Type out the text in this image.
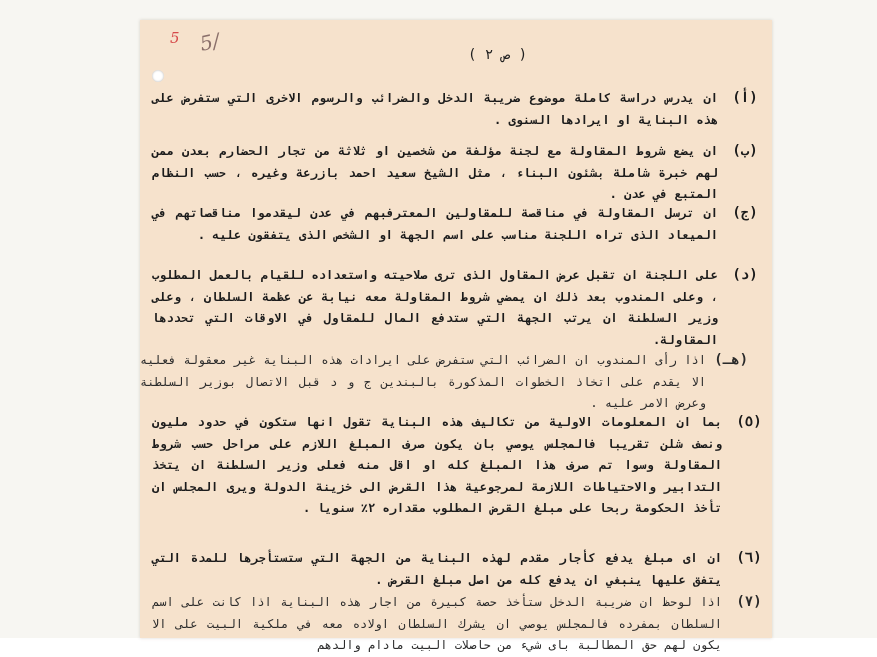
5 5/	( ص ٢ )
(أ)
ان يدرس دراسة كاملة موضوع ضريبة الدخل والضرائب والرسوم الاخرى التي ستفرض على هذه البناية او ايرادها السنوى .
(ب)
ان يضع شروط المقاولة مع لجنة مؤلفة من شخصين او ثلاثة من تجار الحضارم بعدن ممن لهم خبرة شاملة بشئون البناء ، مثل الشيخ سعيد احمد بازرعة وغيره ، حسب النظام المتبع في عدن .
(ج)
ان ترسل المقاولة في مناقصة للمقاولين المعترفبهم في عدن ليقدموا مناقصاتهم في الميعاد الذى تراه اللجنة مناسب على اسم الجهة او الشخص الذى يتفقون عليه .
(د)
على اللجنة ان تقبل عرض المقاول الذى ترى صلاحيته واستعداده للقيام بالعمل المطلوب ، وعلى المندوب بعد ذلك ان يمضي شروط المقاولة معه نيابة عن عظمة السلطان ، وعلى وزير السلطنة ان يرتب الجهة التي ستدفع المال للمقاول في الاوقات التي تحددها المقاولة.
(هـ)
اذا رأى المندوب ان الضرائب التي ستفرض على ايرادات هذه البناية غير معقولة فعليه الا يقدم على اتخاذ الخطوات المذكورة بالبندين ج و د قبل الاتصال بوزير السلطنة وعرض الامر عليه .
(٥)
بما ان المعلومات الاولية من تكاليف هذه البناية تقول انها ستكون في حدود مليون ونصف شلن تقريبا فالمجلس يوصي بان يكون صرف المبلغ اللازم على مراحل حسب شروط المقاولة وسوا تم صرف هذا المبلغ كله او اقل منه فعلى وزير السلطنة ان يتخذ التدابير والاحتياطات اللازمة لمرجوعية هذا القرض الى خزينة الدولة ويرى المجلس ان تأخذ الحكومة ربحا على مبلغ القرض المطلوب مقداره ٢٪ سنويا .
(٦)
ان اى مبلغ يدفع كأجار مقدم لهذه البناية من الجهة التي ستستأجرها للمدة التي يتفق عليها ينبغي ان يدفع كله من اصل مبلغ القرض .
(٧)
اذا لوحظ ان ضريبة الدخل ستأخذ حصة كبيرة من اجار هذه البناية اذا كانت على اسم السلطان بمفرده فالمجلس يوصي ان يشرك السلطان اولاده معه في ملكية البيت على الا يكون لهم حق المطالبة باى شيء من حاصلات البيت مادام والدهم
